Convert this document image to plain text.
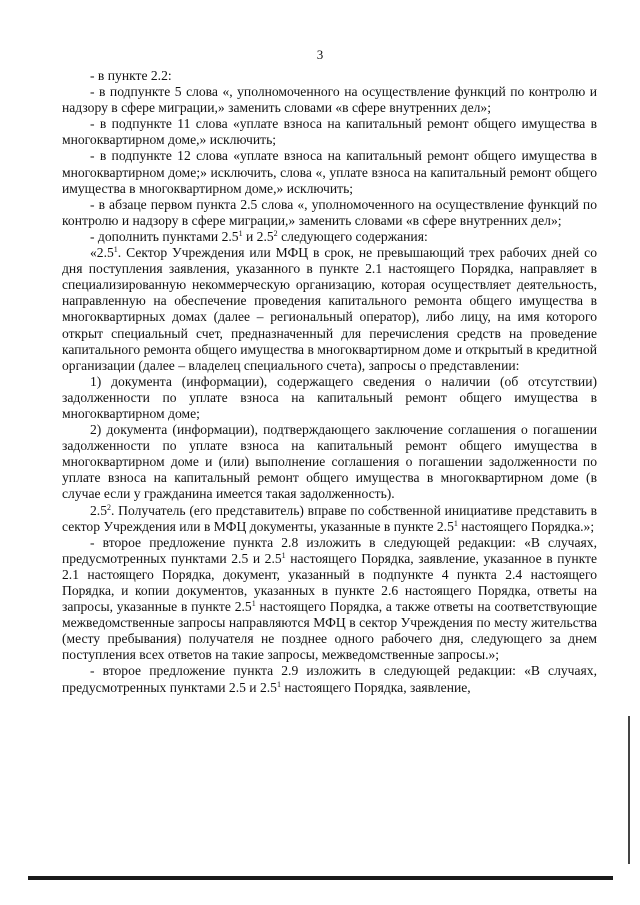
3

- в пункте 2.2:

- в подпункте 5 слова «, уполномоченного на осуществление функций по контролю и надзору в сфере миграции,» заменить словами «в сфере внутренних дел»;

- в подпункте 11 слова «уплате взноса на капитальный ремонт общего имущества в многоквартирном доме,» исключить;

- в подпункте 12 слова «уплате взноса на капитальный ремонт общего имущества в многоквартирном доме;» исключить, слова «, уплате взноса на капитальный ремонт общего имущества в многоквартирном доме,» исключить;

- в абзаце первом пункта 2.5 слова «, уполномоченного на осуществление функций по контролю и надзору в сфере миграции,» заменить словами «в сфере внутренних дел»;

- дополнить пунктами $2.5^1$ и $2.5^2$ следующего содержания:

«$2.5^1$. Сектор Учреждения или МФЦ в срок, не превышающий трех рабочих дней со дня поступления заявления, указанного в пункте 2.1 настоящего Порядка, направляет в специализированную некоммерческую организацию, которая осуществляет деятельность, направленную на обеспечение проведения капитального ремонта общего имущества в многоквартирных домах (далее – региональный оператор), либо лицу, на имя которого открыт специальный счет, предназначенный для перечисления средств на проведение капитального ремонта общего имущества в многоквартирном доме и открытый в кредитной организации (далее – владелец специального счета), запросы о представлении:

1) документа (информации), содержащего сведения о наличии (об отсутствии) задолженности по уплате взноса на капитальный ремонт общего имущества в многоквартирном доме;

2) документа (информации), подтверждающего заключение соглашения о погашении задолженности по уплате взноса на капитальный ремонт общего имущества в многоквартирном доме и (или) выполнение соглашения о погашении задолженности по уплате взноса на капитальный ремонт общего имущества в многоквартирном доме (в случае если у гражданина имеется такая задолженность).

$2.5^2$. Получатель (его представитель) вправе по собственной инициативе представить в сектор Учреждения или в МФЦ документы, указанные в пункте $2.5^1$ настоящего Порядка.»;

- второе предложение пункта 2.8 изложить в следующей редакции: «В случаях, предусмотренных пунктами 2.5 и $2.5^1$ настоящего Порядка, заявление, указанное в пункте 2.1 настоящего Порядка, документ, указанный в подпункте 4 пункта 2.4 настоящего Порядка, и копии документов, указанных в пункте 2.6 настоящего Порядка, ответы на запросы, указанные в пункте $2.5^1$ настоящего Порядка, а также ответы на соответствующие межведомственные запросы направляются МФЦ в сектор Учреждения по месту жительства (месту пребывания) получателя не позднее одного рабочего дня, следующего за днем поступления всех ответов на такие запросы, межведомственные запросы.»;

- второе предложение пункта 2.9 изложить в следующей редакции: «В случаях, предусмотренных пунктами 2.5 и $2.5^1$ настоящего Порядка, заявление,
